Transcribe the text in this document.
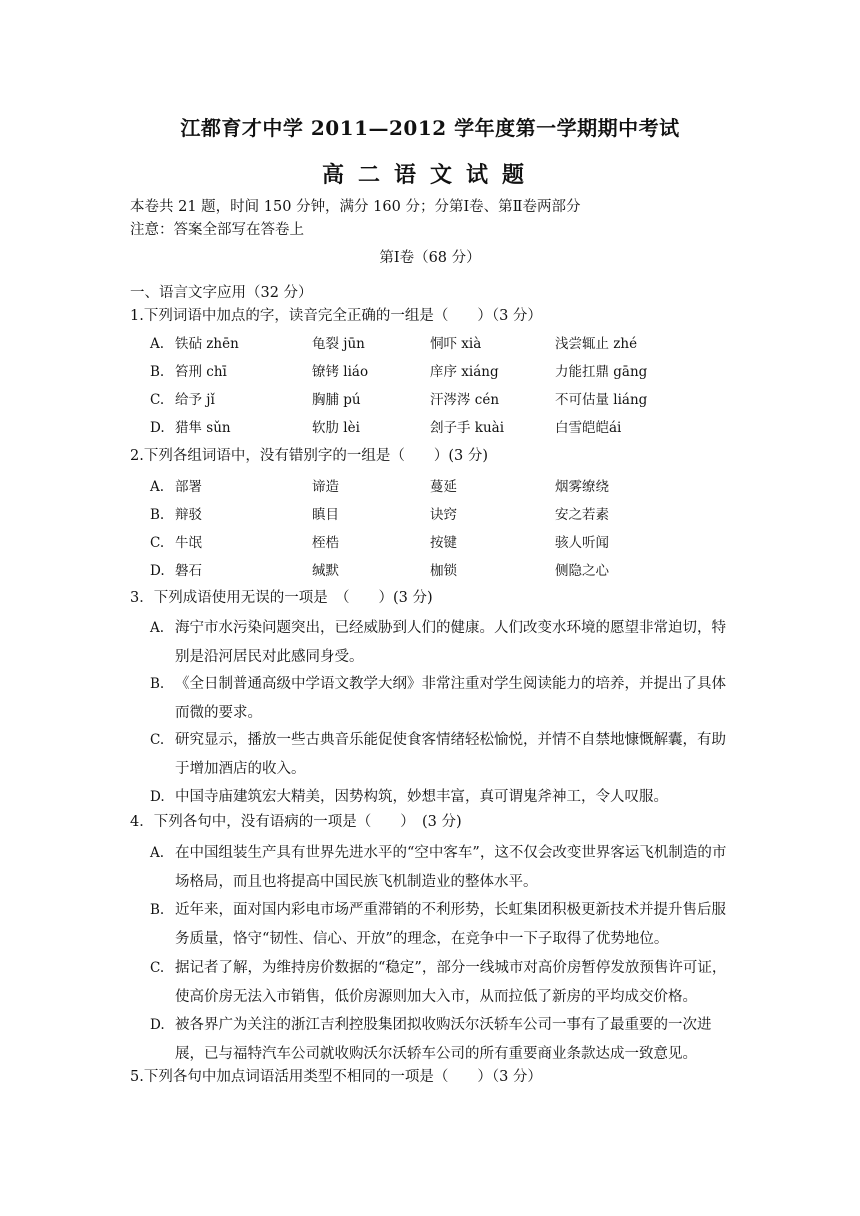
江都育才中学 2011—2012 学年度第一学期期中考试
高二语文试题
本卷共 21 题，时间 150 分钟，满分 160 分；分第Ⅰ卷、第Ⅱ卷两部分
注意：答案全部写在答卷上
第Ⅰ卷（68 分）
一、语言文字应用（32 分）
1.下列词语中加点的字，读音完全正确的一组是（　　）（3 分）
A. 铁砧 zhēn	龟裂 jūn	恫吓 xià	浅尝辄止 zhé
B. 笞刑 chī	镣铐 liáo	庠序 xiáng	力能扛鼎 gāng
C. 给予 jǐ	胸脯 pú	汗涔涔 cén	不可估量 liáng
D. 猎隼 sǔn	软肋 lèi	刽子手 kuài	白雪皑皑ái
2.下列各组词语中，没有错别字的一组是（　　）(3 分)
A. 部署	谛造	蔓延	烟雾缭绕
B. 辩驳	瞋目	诀窍	安之若素
C. 牛氓	桎梏	按键	骇人听闻
D. 磐石	缄默	枷锁	侧隐之心
3．下列成语使用无误的一项是　（　　）(3 分)
A. 海宁市水污染问题突出，已经威胁到人们的健康。人们改变水环境的愿望非常迫切，特别是沿河居民对此感同身受。
B. 《全日制普通高级中学语文教学大纲》非常注重对学生阅读能力的培养，并提出了具体而微的要求。
C. 研究显示，播放一些古典音乐能促使食客情绪轻松愉悦，并情不自禁地慷慨解囊，有助于增加酒店的收入。
D. 中国寺庙建筑宏大精美，因势构筑，妙想丰富，真可谓鬼斧神工，令人叹服。
4．下列各句中，没有语病的一项是（　　）　(3 分)
A. 在中国组装生产具有世界先进水平的“空中客车”，这不仅会改变世界客运飞机制造的市场格局，而且也将提高中国民族飞机制造业的整体水平。
B. 近年来，面对国内彩电市场严重滞销的不利形势，长虹集团积极更新技术并提升售后服务质量，恪守“韧性、信心、开放”的理念，在竞争中一下子取得了优势地位。
C. 据记者了解，为维持房价数据的“稳定”，部分一线城市对高价房暂停发放预售许可证，使高价房无法入市销售，低价房源则加大入市，从而拉低了新房的平均成交价格。
D. 被各界广为关注的浙江吉利控股集团拟收购沃尔沃轿车公司一事有了最重要的一次进展，已与福特汽车公司就收购沃尔沃轿车公司的所有重要商业条款达成一致意见。
5.下列各句中加点词语活用类型不相同的一项是（　　）（3 分）
